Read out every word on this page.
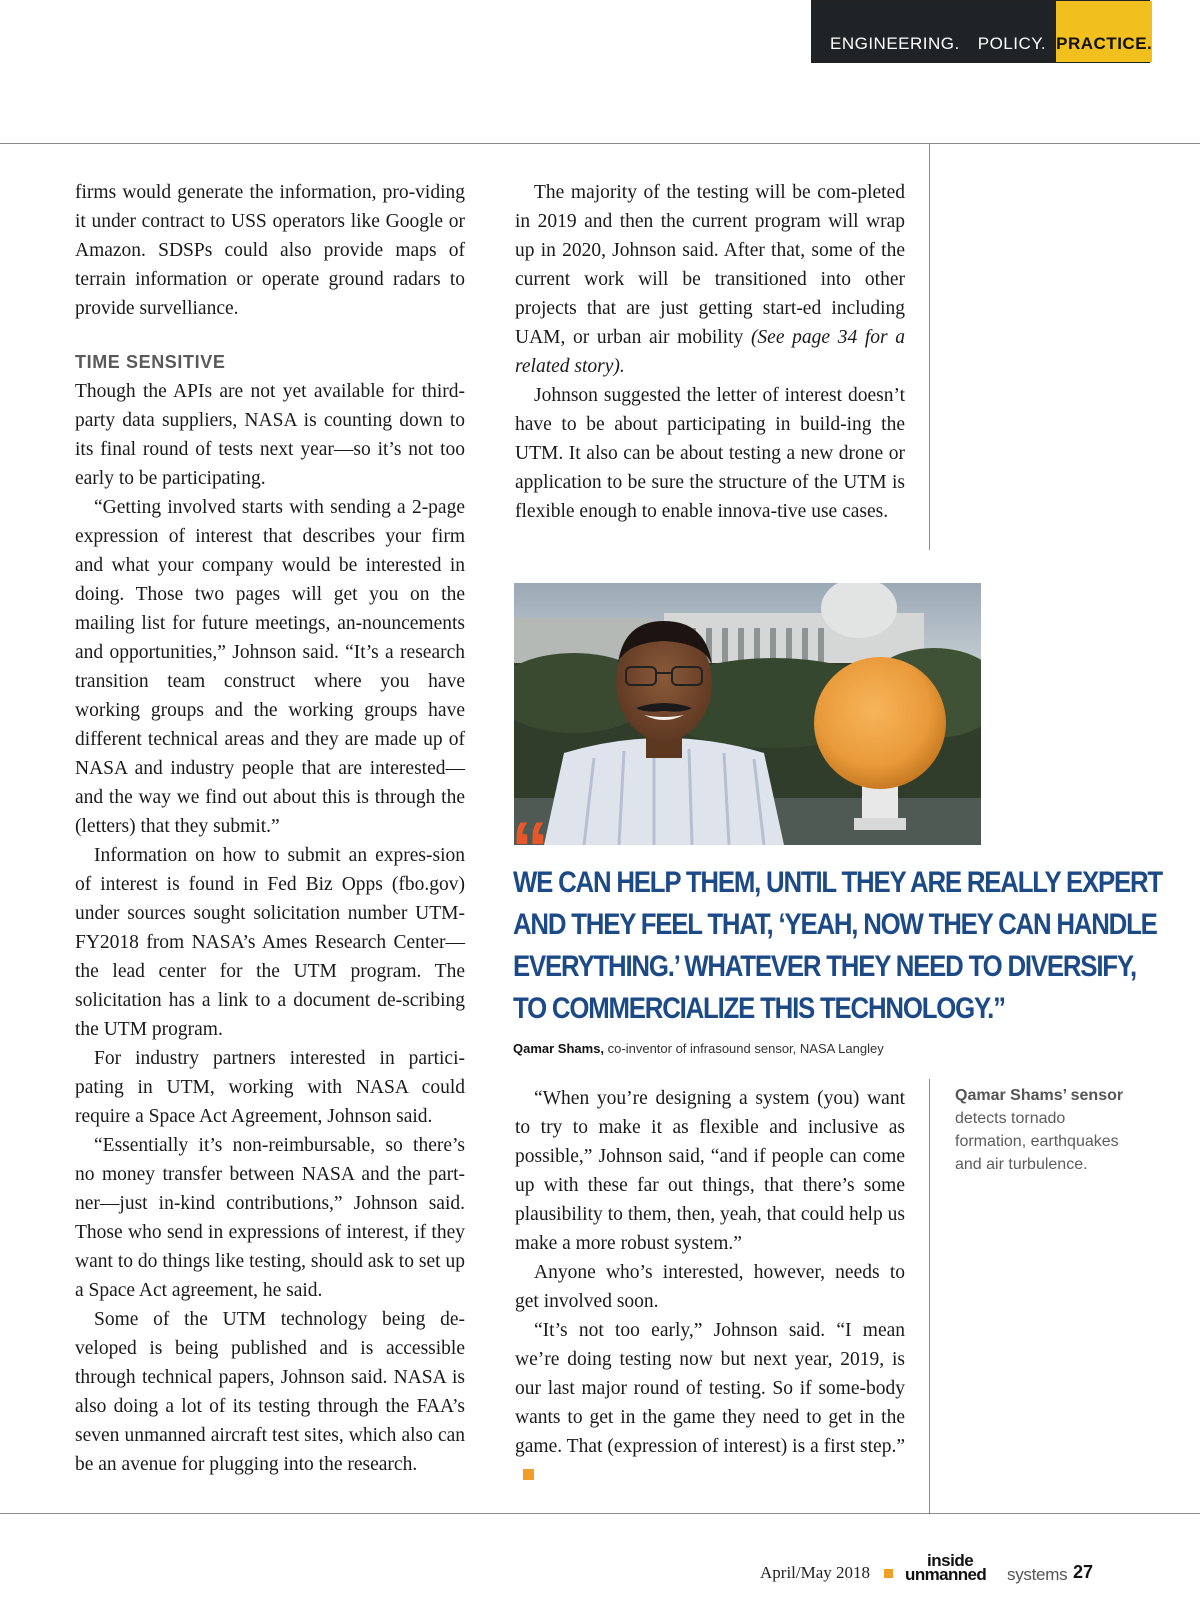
ENGINEERING. POLICY. PRACTICE.

firms would generate the information, pro-viding it under contract to USS operators like Google or Amazon. SDSPs could also provide maps of terrain information or operate ground radars to provide survelliance.

TIME SENSITIVE

Though the APIs are not yet available for third-party data suppliers, NASA is counting down to its final round of tests next year—so it’s not too early to be participating.

“Getting involved starts with sending a 2-page expression of interest that describes your firm and what your company would be interested in doing. Those two pages will get you on the mailing list for future meetings, an-nouncements and opportunities,” Johnson said. “It’s a research transition team construct where you have working groups and the working groups have different technical areas and they are made up of NASA and industry people that are interested—and the way we find out about this is through the (letters) that they submit.”

Information on how to submit an expres-sion of interest is found in Fed Biz Opps (fbo.gov) under sources sought solicitation number UTM-FY2018 from NASA’s Ames Research Center—the lead center for the UTM program. The solicitation has a link to a document de-scribing the UTM program.

For industry partners interested in partici-pating in UTM, working with NASA could require a Space Act Agreement, Johnson said.

“Essentially it’s non-reimbursable, so there’s no money transfer between NASA and the part-ner—just in-kind contributions,” Johnson said. Those who send in expressions of interest, if they want to do things like testing, should ask to set up a Space Act agreement, he said.

Some of the UTM technology being de-veloped is being published and is accessible through technical papers, Johnson said. NASA is also doing a lot of its testing through the FAA’s seven unmanned aircraft test sites, which also can be an avenue for plugging into the research.

The majority of the testing will be com-pleted in 2019 and then the current program will wrap up in 2020, Johnson said. After that, some of the current work will be transitioned into other projects that are just getting start-ed including UAM, or urban air mobility (See page 34 for a related story).

Johnson suggested the letter of interest doesn’t have to be about participating in build-ing the UTM. It also can be about testing a new drone or application to be sure the structure of the UTM is flexible enough to enable innova-tive use cases.

“
WE CAN HELP THEM, UNTIL THEY ARE REALLY EXPERT
AND THEY FEEL THAT, ‘YEAH, NOW THEY CAN HANDLE
EVERYTHING.’ WHATEVER THEY NEED TO DIVERSIFY,
TO COMMERCIALIZE THIS TECHNOLOGY.”
Qamar Shams, co-inventor of infrasound sensor, NASA Langley

“When you’re designing a system (you) want to try to make it as flexible and inclusive as possible,” Johnson said, “and if people can come up with these far out things, that there’s some plausibility to them, then, yeah, that could help us make a more robust system.”

Anyone who’s interested, however, needs to get involved soon.

“It’s not too early,” Johnson said. “I mean we’re doing testing now but next year, 2019, is our last major round of testing. So if some-body wants to get in the game they need to get in the game. That (expression of interest) is a first step.”

Qamar Shams’ sensor detects tornado formation, earthquakes and air turbulence.
April/May 2018
inside
unmanned systems 27
